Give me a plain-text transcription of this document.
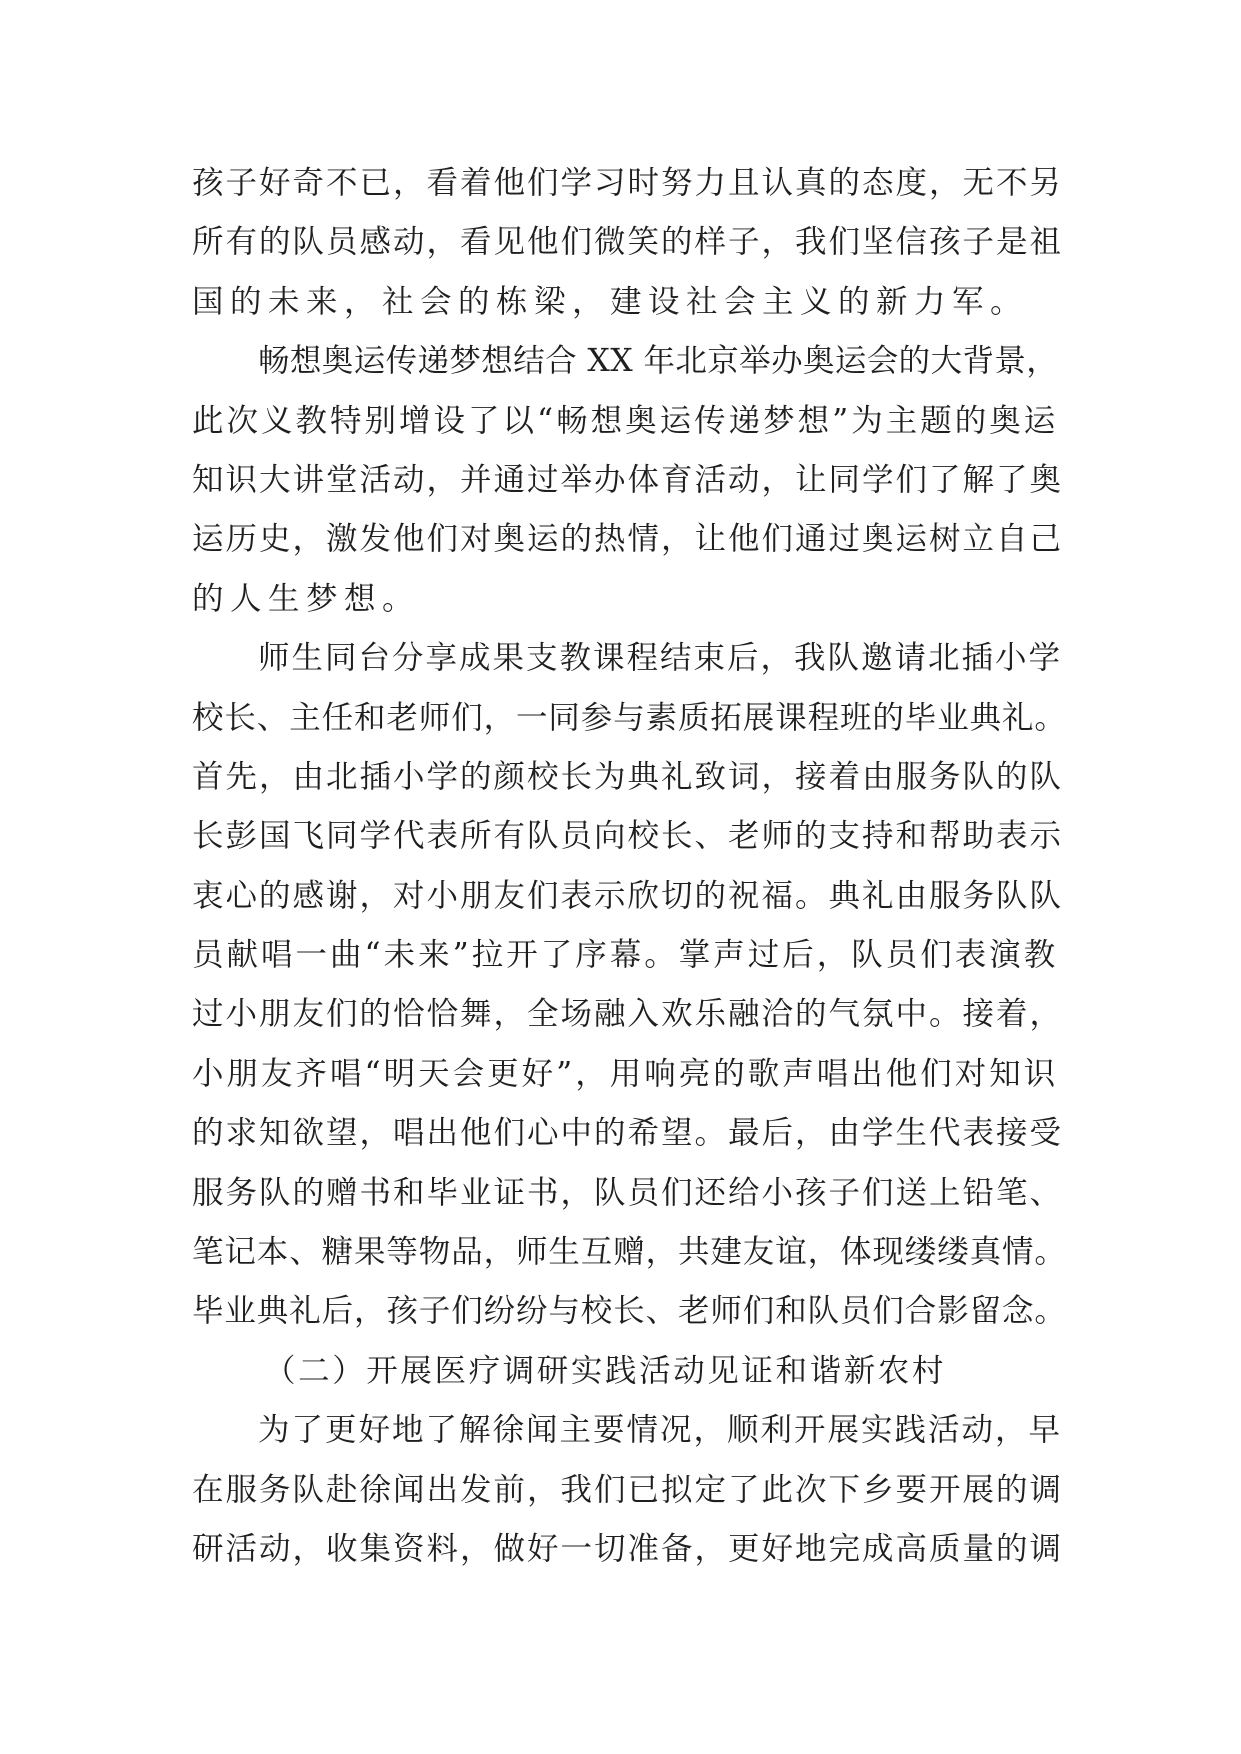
孩子好奇不已，看着他们学习时努力且认真的态度，无不另
所有的队员感动，看见他们微笑的样子，我们坚信孩子是祖
国的未来，社会的栋梁，建设社会主义的新力军。
畅想奥运传递梦想结合 XX 年北京举办奥运会的大背景，
此次义教特别增设了以“畅想奥运传递梦想”为主题的奥运
知识大讲堂活动，并通过举办体育活动，让同学们了解了奥
运历史，激发他们对奥运的热情，让他们通过奥运树立自己
的人生梦想。
师生同台分享成果支教课程结束后，我队邀请北插小学
校长、主任和老师们，一同参与素质拓展课程班的毕业典礼。
首先，由北插小学的颜校长为典礼致词，接着由服务队的队
长彭国飞同学代表所有队员向校长、老师的支持和帮助表示
衷心的感谢，对小朋友们表示欣切的祝福。典礼由服务队队
员献唱一曲“未来”拉开了序幕。掌声过后，队员们表演教
过小朋友们的恰恰舞，全场融入欢乐融洽的气氛中。接着，
小朋友齐唱“明天会更好”，用响亮的歌声唱出他们对知识
的求知欲望，唱出他们心中的希望。最后，由学生代表接受
服务队的赠书和毕业证书，队员们还给小孩子们送上铅笔、
笔记本、糖果等物品，师生互赠，共建友谊，体现缕缕真情。
毕业典礼后，孩子们纷纷与校长、老师们和队员们合影留念。
（二）开展医疗调研实践活动见证和谐新农村
为了更好地了解徐闻主要情况，顺利开展实践活动，早
在服务队赴徐闻出发前，我们已拟定了此次下乡要开展的调
研活动，收集资料，做好一切准备，更好地完成高质量的调
